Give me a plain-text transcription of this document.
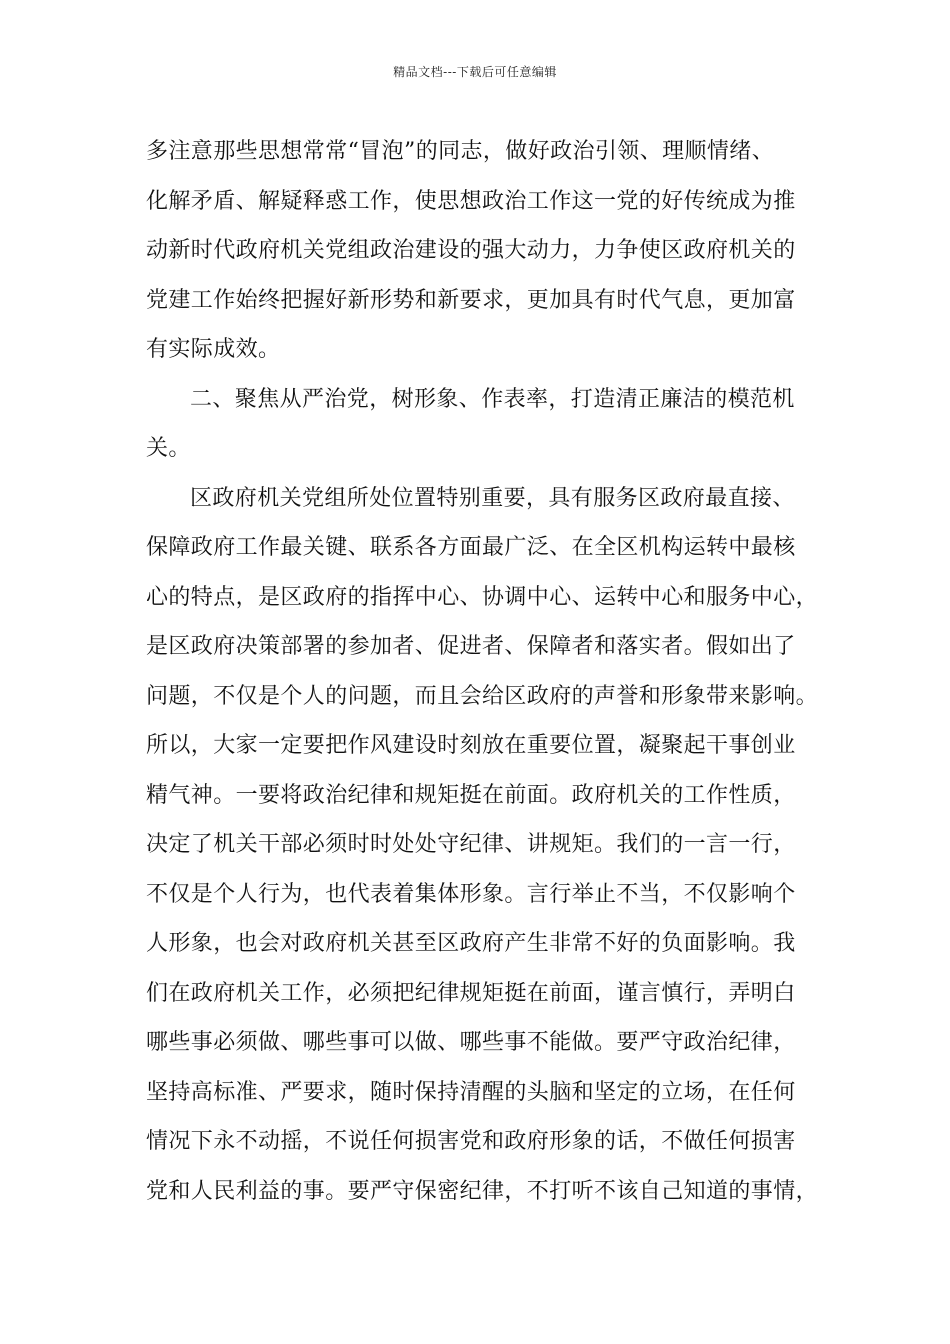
精品文档---下载后可任意编辑
多注意那些思想常常“冒泡”的同志，做好政治引领、理顺情绪、
化解矛盾、解疑释惑工作，使思想政治工作这一党的好传统成为推
动新时代政府机关党组政治建设的强大动力，力争使区政府机关的
党建工作始终把握好新形势和新要求，更加具有时代气息，更加富
有实际成效。
二、聚焦从严治党，树形象、作表率，打造清正廉洁的模范机
关。
区政府机关党组所处位置特别重要，具有服务区政府最直接、
保障政府工作最关键、联系各方面最广泛、在全区机构运转中最核
心的特点，是区政府的指挥中心、协调中心、运转中心和服务中心，
是区政府决策部署的参加者、促进者、保障者和落实者。假如出了
问题，不仅是个人的问题，而且会给区政府的声誉和形象带来影响。
所以，大家一定要把作风建设时刻放在重要位置，凝聚起干事创业
精气神。一要将政治纪律和规矩挺在前面。政府机关的工作性质，
决定了机关干部必须时时处处守纪律、讲规矩。我们的一言一行，
不仅是个人行为，也代表着集体形象。言行举止不当，不仅影响个
人形象，也会对政府机关甚至区政府产生非常不好的负面影响。我
们在政府机关工作，必须把纪律规矩挺在前面，谨言慎行，弄明白
哪些事必须做、哪些事可以做、哪些事不能做。要严守政治纪律，
坚持高标准、严要求，随时保持清醒的头脑和坚定的立场，在任何
情况下永不动摇，不说任何损害党和政府形象的话，不做任何损害
党和人民利益的事。要严守保密纪律，不打听不该自己知道的事情，
